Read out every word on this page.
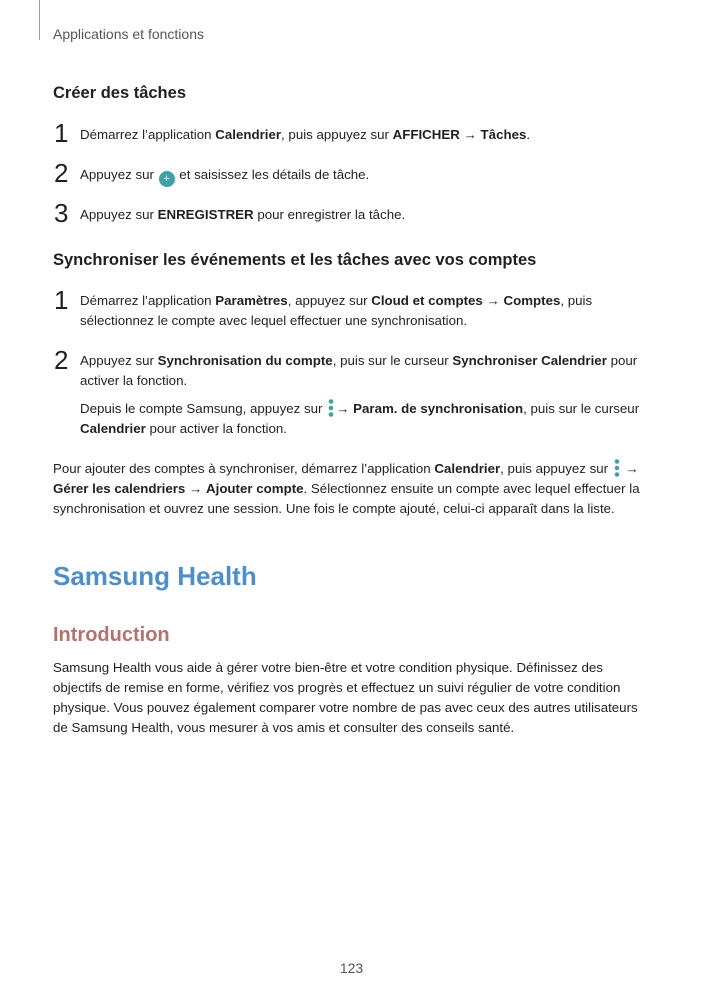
Applications et fonctions
Créer des tâches
1 Démarrez l’application Calendrier, puis appuyez sur AFFICHER → Tâches.
2 Appuyez sur + et saisissez les détails de tâche.
3 Appuyez sur ENREGISTRER pour enregistrer la tâche.
Synchroniser les événements et les tâches avec vos comptes
1 Démarrez l’application Paramètres, appuyez sur Cloud et comptes → Comptes, puis sélectionnez le compte avec lequel effectuer une synchronisation.
2 Appuyez sur Synchronisation du compte, puis sur le curseur Synchroniser Calendrier pour activer la fonction.
Depuis le compte Samsung, appuyez sur → Param. de synchronisation, puis sur le curseur Calendrier pour activer la fonction.
Pour ajouter des comptes à synchroniser, démarrez l’application Calendrier, puis appuyez sur  → Gérer les calendriers → Ajouter compte. Sélectionnez ensuite un compte avec lequel effectuer la synchronisation et ouvrez une session. Une fois le compte ajouté, celui-ci apparaît dans la liste.
Samsung Health
Introduction
Samsung Health vous aide à gérer votre bien-être et votre condition physique. Définissez des objectifs de remise en forme, vérifiez vos progrès et effectuez un suivi régulier de votre condition physique. Vous pouvez également comparer votre nombre de pas avec ceux des autres utilisateurs de Samsung Health, vous mesurer à vos amis et consulter des conseils santé.
123
